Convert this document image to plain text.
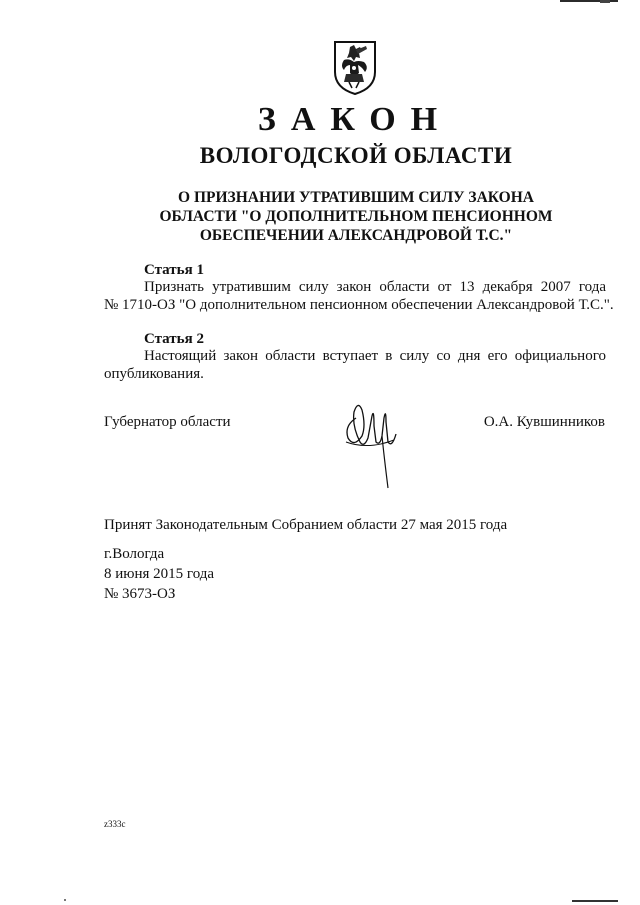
ЗАКОН
ВОЛОГОДСКОЙ ОБЛАСТИ
О ПРИЗНАНИИ УТРАТИВШИМ СИЛУ ЗАКОНА
ОБЛАСТИ "О ДОПОЛНИТЕЛЬНОМ ПЕНСИОННОМ
ОБЕСПЕЧЕНИИ АЛЕКСАНДРОВОЙ Т.С."
Статья 1
Признать утратившим силу закон области от 13 декабря 2007 года
№ 1710-ОЗ "О дополнительном пенсионном обеспечении Александровой Т.С.".
Статья 2
Настоящий закон области вступает в силу со дня его официального
опубликования.
Губернатор области	О.А. Кувшинников
Принят Законодательным Собранием области 27 мая 2015 года
г.Вологда
8 июня 2015 года
№ 3673-ОЗ
z333c
